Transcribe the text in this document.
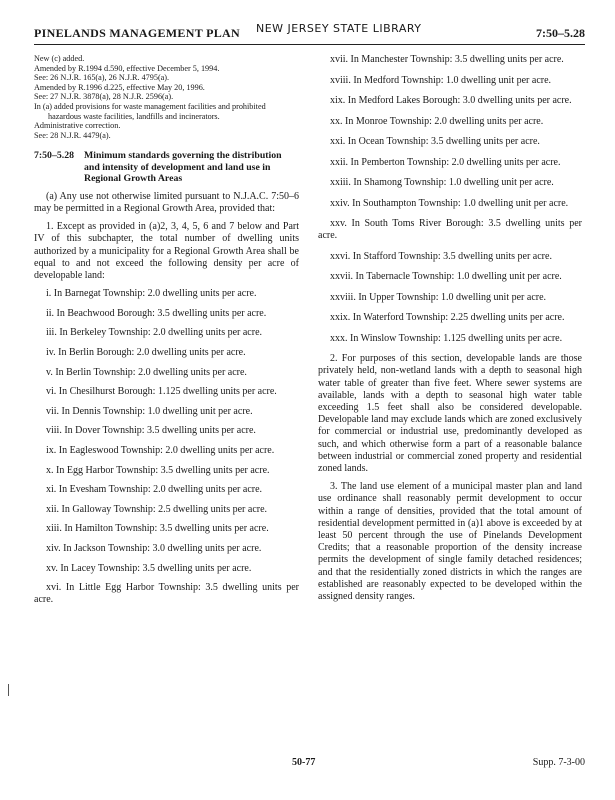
PINELANDS MANAGEMENT PLAN NEW JERSEY STATE LIBRARY	7:50–5.28

New (c) added.

Amended by R.1994 d.590, effective December 5, 1994.

See: 26 N.J.R. 165(a), 26 N.J.R. 4795(a).

Amended by R.1996 d.225, effective May 20, 1996.

See: 27 N.J.R. 3878(a), 28 N.J.R. 2596(a).

In (a) added provisions for waste management facilities and prohibited hazardous waste facilities, landfills and incinerators.

Administrative correction.

See: 28 N.J.R. 4479(a).

7:50–5.28	Minimum standards governing the distribution and intensity of development and land use in Regional Growth Areas

(a) Any use not otherwise limited pursuant to N.J.A.C. 7:50–6 may be permitted in a Regional Growth Area, provided that:

1. Except as provided in (a)2, 3, 4, 5, 6 and 7 below and Part IV of this subchapter, the total number of dwelling units authorized by a municipality for a Regional Growth Area shall be equal to and not exceed the following density per acre of developable land:

i. In Barnegat Township: 2.0 dwelling units per acre.

ii. In Beachwood Borough: 3.5 dwelling units per acre.

iii. In Berkeley Township: 2.0 dwelling units per acre.

iv. In Berlin Borough: 2.0 dwelling units per acre.

v. In Berlin Township: 2.0 dwelling units per acre.

vi. In Chesilhurst Borough: 1.125 dwelling units per acre.

vii. In Dennis Township: 1.0 dwelling unit per acre.

viii. In Dover Township: 3.5 dwelling units per acre.

ix. In Eagleswood Township: 2.0 dwelling units per acre.

x. In Egg Harbor Township: 3.5 dwelling units per acre.

xi. In Evesham Township: 2.0 dwelling units per acre.

xii. In Galloway Township: 2.5 dwelling units per acre.

xiii. In Hamilton Township: 3.5 dwelling units per acre.

xiv. In Jackson Township: 3.0 dwelling units per acre.

xv. In Lacey Township: 3.5 dwelling units per acre.

xvi. In Little Egg Harbor Township: 3.5 dwelling units per acre.

xvii. In Manchester Township: 3.5 dwelling units per acre.

xviii. In Medford Township: 1.0 dwelling unit per acre.

xix. In Medford Lakes Borough: 3.0 dwelling units per acre.

xx. In Monroe Township: 2.0 dwelling units per acre.

xxi. In Ocean Township: 3.5 dwelling units per acre.

xxii. In Pemberton Township: 2.0 dwelling units per acre.

xxiii. In Shamong Township: 1.0 dwelling unit per acre.

xxiv. In Southampton Township: 1.0 dwelling unit per acre.

xxv. In South Toms River Borough: 3.5 dwelling units per acre.

xxvi. In Stafford Township: 3.5 dwelling units per acre.

xxvii. In Tabernacle Township: 1.0 dwelling unit per acre.

xxviii. In Upper Township: 1.0 dwelling unit per acre.

xxix. In Waterford Township: 2.25 dwelling units per acre.

xxx. In Winslow Township: 1.125 dwelling units per acre.

2. For purposes of this section, developable lands are those privately held, non-wetland lands with a depth to seasonal high water table of greater than five feet. Where sewer systems are available, lands with a depth to seasonal high water table exceeding 1.5 feet shall also be considered developable. Developable land may exclude lands which are zoned exclusively for commercial or industrial use, predominantly developed as such, and which otherwise form a part of a reasonable balance between industrial or commercial zoned property and residential zoned lands.

3. The land use element of a municipal master plan and land use ordinance shall reasonably permit development to occur within a range of densities, provided that the total amount of residential development permitted in (a)1 above is exceeded by at least 50 percent through the use of Pinelands Development Credits; that a reasonable proportion of the density increase permits the development of single family detached residences; and that the residentially zoned districts in which the ranges are established are reasonably expected to be developed within the assigned density ranges.

50-77	Supp. 7-3-00
